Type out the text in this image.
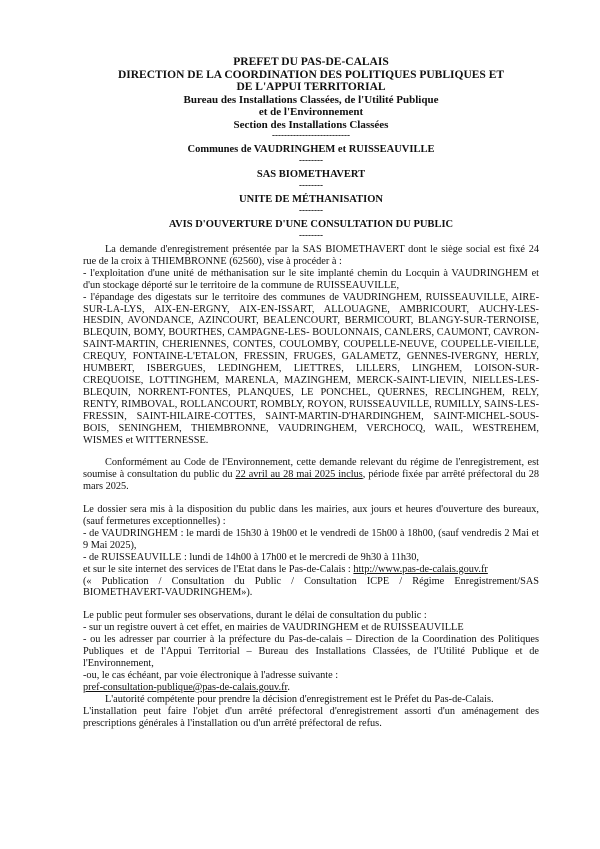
PREFET DU PAS-DE-CALAIS
DIRECTION DE LA COORDINATION DES POLITIQUES PUBLIQUES ET
DE L'APPUI TERRITORIAL
Bureau des Installations Classées, de l'Utilité Publique
et de l'Environnement
Section des Installations Classées
--------------------------
Communes de VAUDRINGHEM et RUISSEAUVILLE
--------
SAS BIOMETHAVERT
--------
UNITE DE MÉTHANISATION
--------
AVIS D'OUVERTURE D'UNE CONSULTATION DU PUBLIC
--------

La demande d'enregistrement présentée par la SAS BIOMETHAVERT dont le siège social est fixé 24 rue de la croix à THIEMBRONNE (62560), vise à procéder à :

- l'exploitation d'une unité de méthanisation sur le site implanté chemin du Locquin à VAUDRINGHEM et d'un stockage déporté sur le territoire de la commune de RUISSEAUVILLE,

- l'épandage des digestats sur le territoire des communes de VAUDRINGHEM, RUISSEAUVILLE, AIRE-SUR-LA-LYS, AIX-EN-ERGNY, AIX-EN-ISSART, ALLOUAGNE, AMBRICOURT, AUCHY-LES-HESDIN, AVONDANCE, AZINCOURT, BEALENCOURT, BERMICOURT, BLANGY-SUR-TERNOISE, BLEQUIN, BOMY, BOURTHES, CAMPAGNE-LES- BOULONNAIS, CANLERS, CAUMONT, CAVRON-SAINT-MARTIN, CHERIENNES, CONTES, COULOMBY, COUPELLE-NEUVE, COUPELLE-VIEILLE, CREQUY, FONTAINE-L'ETALON, FRESSIN, FRUGES, GALAMETZ, GENNES-IVERGNY, HERLY, HUMBERT, ISBERGUES, LEDINGHEM, LIETTRES, LILLERS, LINGHEM, LOISON-SUR-CREQUOISE, LOTTINGHEM, MARENLA, MAZINGHEM, MERCK-SAINT-LIEVIN, NIELLES-LES-BLEQUIN, NORRENT-FONTES, PLANQUES, LE PONCHEL, QUERNES, RECLINGHEM, RELY, RENTY, RIMBOVAL, ROLLANCOURT, ROMBLY, ROYON, RUISSEAUVILLE, RUMILLY, SAINS-LES-FRESSIN, SAINT-HILAIRE-COTTES, SAINT-MARTIN-D'HARDINGHEM, SAINT-MICHEL-SOUS-BOIS, SENINGHEM, THIEMBRONNE, VAUDRINGHEM, VERCHOCQ, WAIL, WESTREHEM, WISMES et WITTERNESSE.

Conformément au Code de l'Environnement, cette demande relevant du régime de l'enregistrement, est soumise à consultation du public du 22 avril au 28 mai 2025 inclus, période fixée par arrêté préfectoral du 28 mars 2025.

Le dossier sera mis à la disposition du public dans les mairies, aux jours et heures d'ouverture des bureaux, (sauf fermetures exceptionnelles) :

- de VAUDRINGHEM : le mardi de 15h30 à 19h00 et le vendredi de 15h00 à 18h00, (sauf vendredis 2 Mai et 9 Mai 2025),

- de RUISSEAUVILLE : lundi de 14h00 à 17h00 et le mercredi de 9h30 à 11h30,

et sur le site internet des services de l'Etat dans le Pas-de-Calais : http://www.pas-de-calais.gouv.fr

(« Publication / Consultation du Public / Consultation ICPE / Régime Enregistrement/SAS BIOMETHAVERT-VAUDRINGHEM»).

Le public peut formuler ses observations, durant le délai de consultation du public :

- sur un registre ouvert à cet effet, en mairies de VAUDRINGHEM et de RUISSEAUVILLE

- ou les adresser par courrier à la préfecture du Pas-de-calais – Direction de la Coordination des Politiques Publiques et de l'Appui Territorial – Bureau des Installations Classées, de l'Utilité Publique et de l'Environnement,

-ou, le cas échéant, par voie électronique à l'adresse suivante :

pref-consultation-publique@pas-de-calais.gouv.fr.

L'autorité compétente pour prendre la décision d'enregistrement est le Préfet du Pas-de-Calais.

L'installation peut faire l'objet d'un arrêté préfectoral d'enregistrement assorti d'un aménagement des prescriptions générales à l'installation ou d'un arrêté préfectoral de refus.
